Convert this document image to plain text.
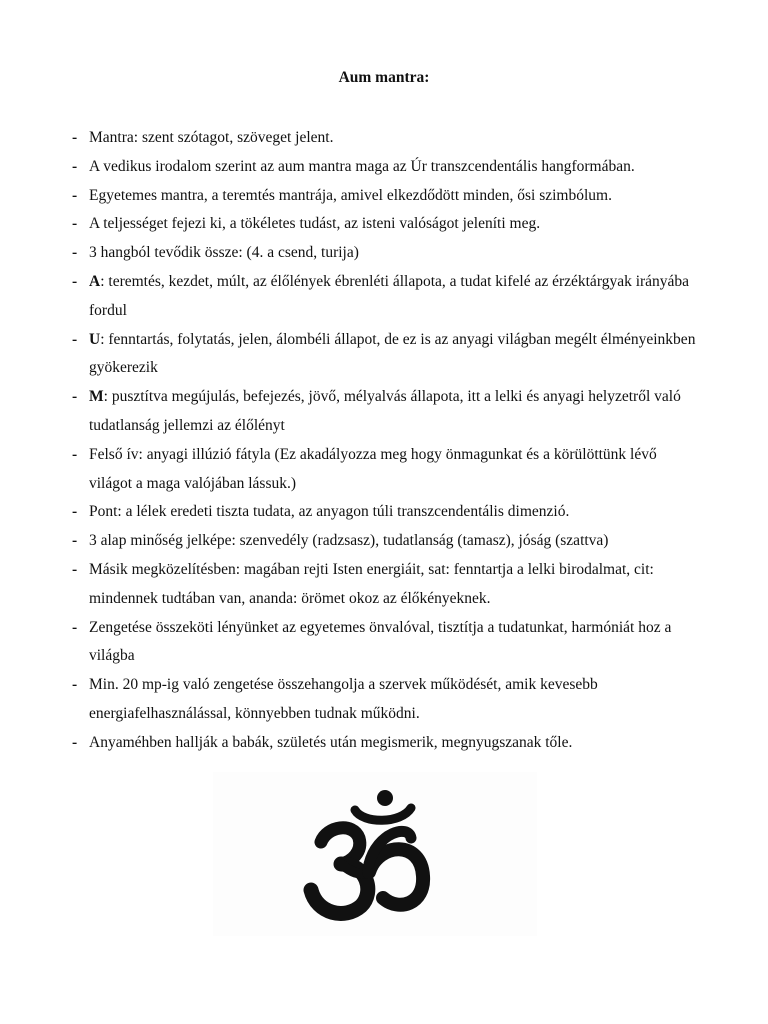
Aum mantra:
- Mantra: szent szótagot, szöveget jelent.
- A vedikus irodalom szerint az aum mantra maga az Úr transzcendentális hangformában.
- Egyetemes mantra, a teremtés mantrája, amivel elkezdődött minden, ősi szimbólum.
- A teljességet fejezi ki, a tökéletes tudást, az isteni valóságot jeleníti meg.
- 3 hangból tevődik össze: (4. a csend, turija)
- A: teremtés, kezdet, múlt, az élőlények ébrenléti állapota, a tudat kifelé az érzéktárgyak irányába fordul
- U: fenntartás, folytatás, jelen, álombéli állapot, de ez is az anyagi világban megélt élményeinkben gyökerezik
- M: pusztítva megújulás, befejezés, jövő, mélyalvás állapota, itt a lelki és anyagi helyzetről való tudatlanság jellemzi az élőlényt
- Felső ív: anyagi illúzió fátyla (Ez akadályozza meg hogy önmagunkat és a körülöttünk lévő világot a maga valójában lássuk.)
- Pont: a lélek eredeti tiszta tudata, az anyagon túli transzcendentális dimenzió.
- 3 alap minőség jelképe: szenvedély (radzsasz), tudatlanság (tamasz), jóság (szattva)
- Másik megközelítésben: magában rejti Isten energiáit, sat: fenntartja a lelki birodalmat, cit: mindennek tudtában van, ananda: örömet okoz az élőkényeknek.
- Zengetése összeköti lényünket az egyetemes önvalóval, tisztítja a tudatunkat, harmóniát hoz a világba
- Min. 20 mp-ig való zengetése összehangolja a szervek működését, amik kevesebb energiafelhasználással, könnyebben tudnak működni.
- Anyaméhben hallják a babák, születés után megismerik, megnyugszanak tőle.
